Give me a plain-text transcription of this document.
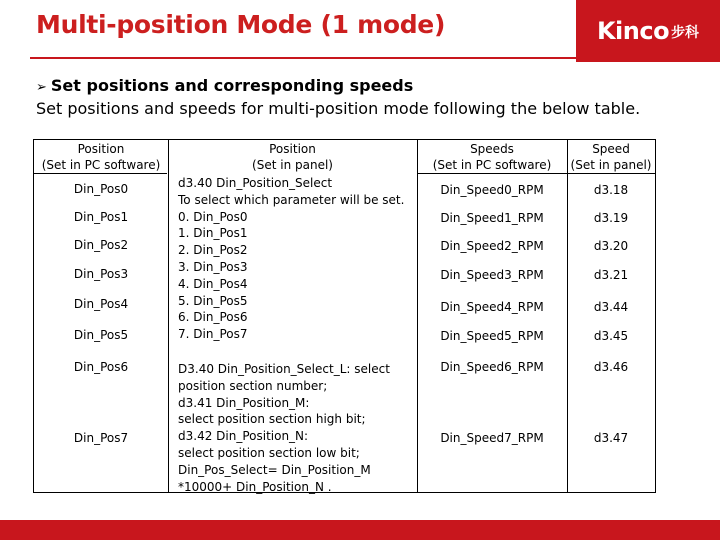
Multi-position Mode (1 mode)	Kinco 步科
➢ Set positions and corresponding speeds
Set positions and speeds for multi-position mode following the below table.
Position
(Set in PC software)
Position
(Set in panel)
Speeds
(Set in PC software)
Speed
(Set in panel)
Din_Pos0
Din_Pos1
Din_Pos2
Din_Pos3
Din_Pos4
Din_Pos5
Din_Pos6
Din_Pos7
d3.40 Din_Position_Select
To select which parameter will be set.
0. Din_Pos0
1. Din_Pos1
2. Din_Pos2
3. Din_Pos3
4. Din_Pos4
5. Din_Pos5
6. Din_Pos6
7. Din_Pos7
D3.40 Din_Position_Select_L: select
position section number;
d3.41 Din_Position_M:
select position section high bit;
d3.42 Din_Position_N:
select position section low bit;
Din_Pos_Select= Din_Position_M
*10000+ Din_Position_N .
Din_Speed0_RPM
Din_Speed1_RPM
Din_Speed2_RPM
Din_Speed3_RPM
Din_Speed4_RPM
Din_Speed5_RPM
Din_Speed6_RPM
Din_Speed7_RPM
d3.18
d3.19
d3.20
d3.21
d3.44
d3.45
d3.46
d3.47
